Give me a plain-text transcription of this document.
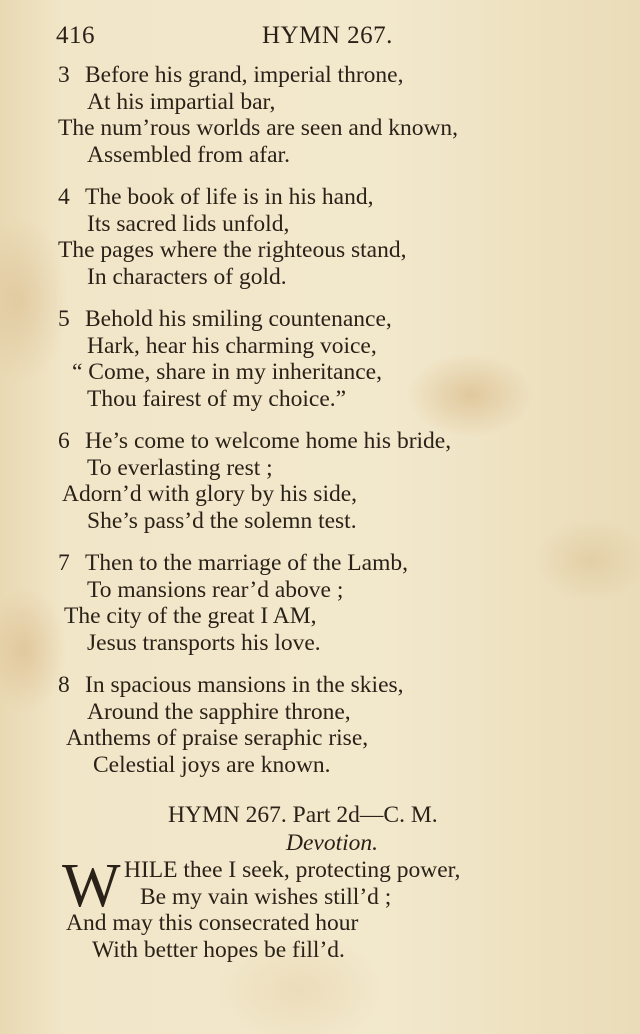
416	HYMN 267.
3 Before his grand, imperial throne,
At his impartial bar,
The num’rous worlds are seen and known,
Assembled from afar.
4 The book of life is in his hand,
Its sacred lids unfold,
The pages where the righteous stand,
In characters of gold.
5 Behold his smiling countenance,
Hark, hear his charming voice,
“ Come, share in my inheritance,
Thou fairest of my choice.”
6 He’s come to welcome home his bride,
To everlasting rest ;
Adorn’d with glory by his side,
She’s pass’d the solemn test.
7 Then to the marriage of the Lamb,
To mansions rear’d above ;
The city of the great I AM,
Jesus transports his love.
8 In spacious mansions in the skies,
Around the sapphire throne,
Anthems of praise seraphic rise,
Celestial joys are known.
HYMN 267. Part 2d—C. M.
Devotion.
W HILE thee I seek, protecting power,
Be my vain wishes still’d ;
And may this consecrated hour
With better hopes be fill’d.
